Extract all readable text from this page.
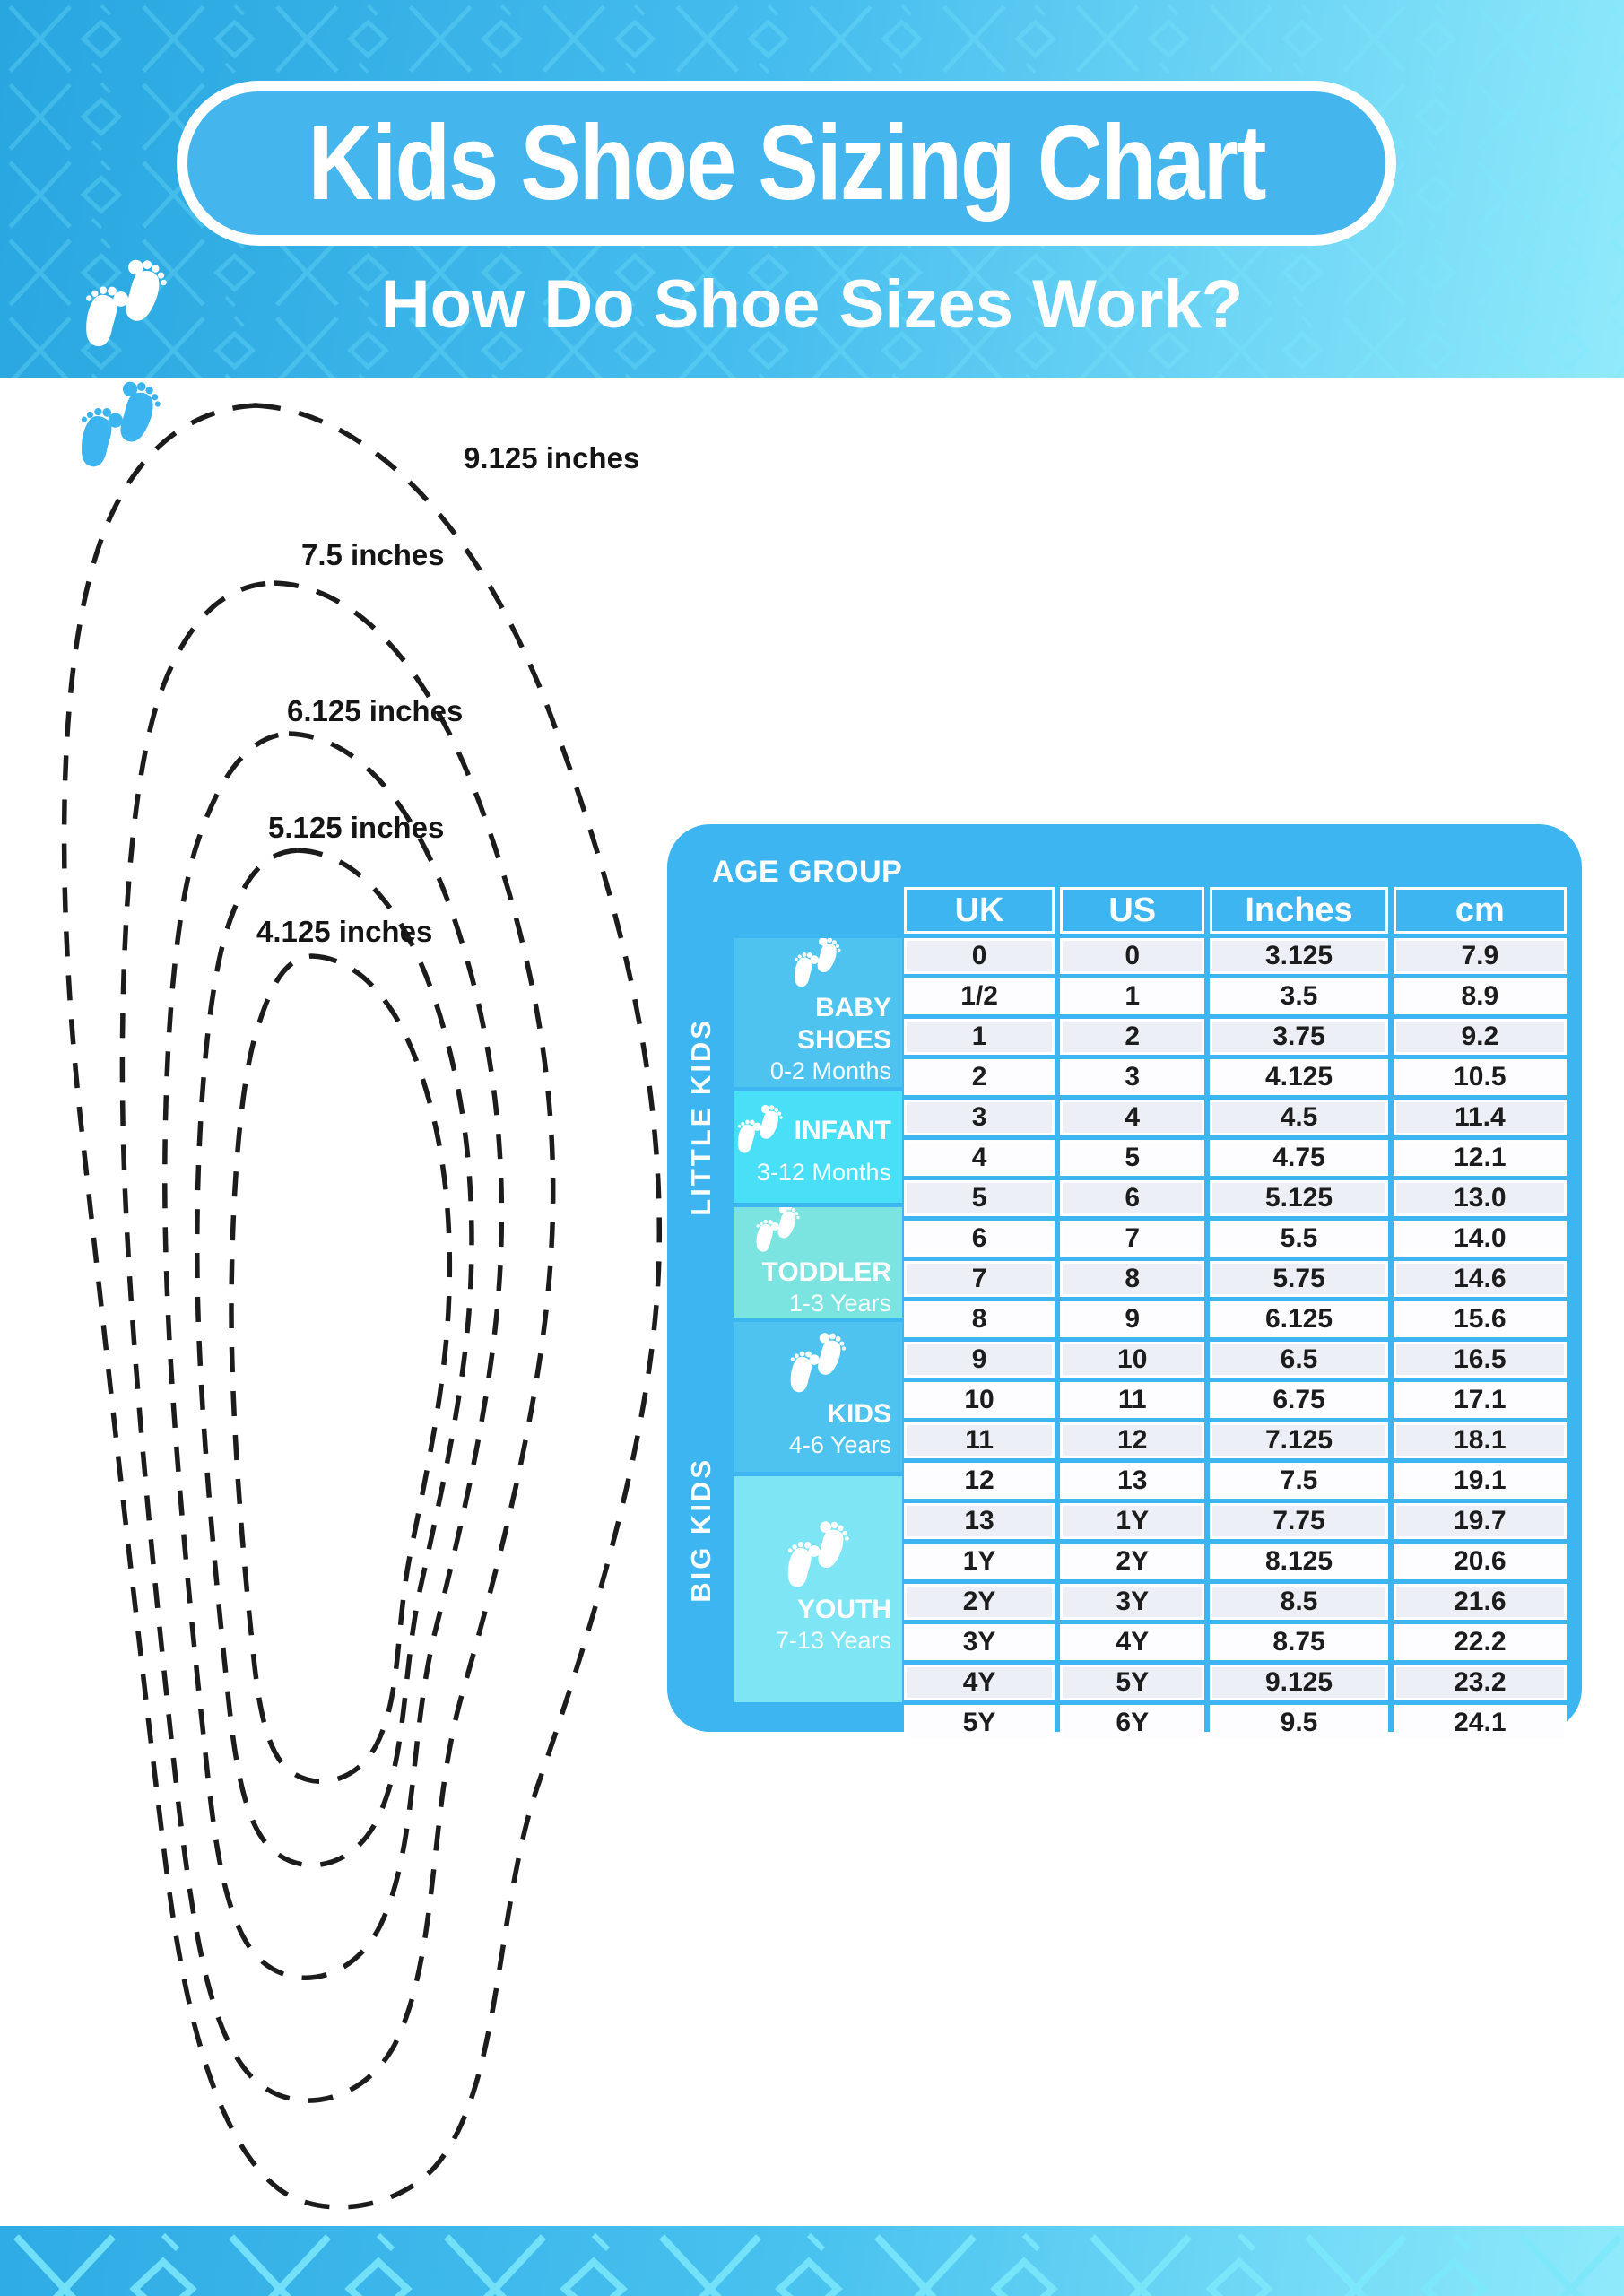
9.125 inches
7.5 inches
6.125 inches
5.125 inches
4.125 inches
Kids Shoe Sizing Chart
How Do Shoe Sizes Work?
AGE GROUP
LITTLE KIDS
BIG KIDS
BABY SHOES
0-2 Months
INFANT
3-12 Months
TODDLER
1-3 Years
KIDS
4-6 Years
YOUTH
7-13 Years
UK	US	Inches	cm
0	0	3.125	7.9
1/2	1	3.5	8.9
1	2	3.75	9.2
2	3	4.125	10.5
3	4	4.5	11.4
4	5	4.75	12.1
5	6	5.125	13.0
6	7	5.5	14.0
7	8	5.75	14.6
8	9	6.125	15.6
9	10	6.5	16.5
10	11	6.75	17.1
11	12	7.125	18.1
12	13	7.5	19.1
13	1Y	7.75	19.7
1Y	2Y	8.125	20.6
2Y	3Y	8.5	21.6
3Y	4Y	8.75	22.2
4Y	5Y	9.125	23.2
5Y	6Y	9.5	24.1
